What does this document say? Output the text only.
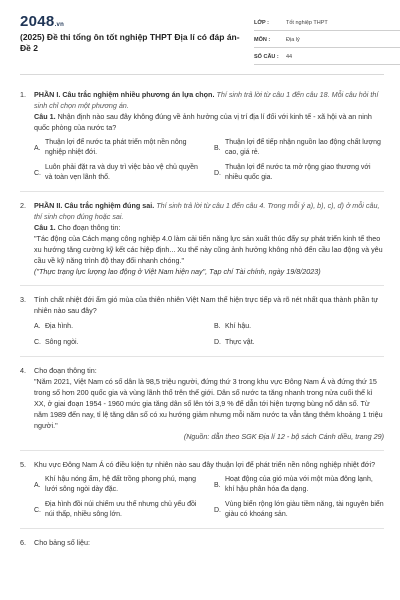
2048.vn
(2025) Đề thi tổng ôn tốt nghiệp THPT Địa lí có đáp án- Đề 2
LỚP :	Tốt nghiệp THPT
MÔN :	Địa lý
SỐ CÂU :	44
1. PHẦN I. Câu trắc nghiệm nhiều phương án lựa chọn. Thí sinh trả lời từ câu 1 đến câu 18. Mỗi câu hỏi thí sinh chỉ chọn một phương án.
Câu 1. Nhận định nào sau đây không đúng về ảnh hưởng của vị trí địa lí đối với kinh tế - xã hội và an ninh quốc phòng của nước ta?
A.
Thuận lợi để nước ta phát triển một nền nông nghiệp nhiệt đới.
B.
Thuận lợi để tiếp nhận nguồn lao động chất lượng cao, giá rẻ.
C.
Luôn phải đặt ra và duy trì việc bảo vệ chủ quyền và toàn vẹn lãnh thổ.
D.
Thuận lợi để nước ta mở rộng giao thương với nhiều quốc gia.
2. PHẦN II. Câu trắc nghiệm đúng sai. Thí sinh trả lời từ câu 1 đến câu 4. Trong mỗi ý a), b), c), d) ở mỗi câu, thí sinh chọn đúng hoặc sai.
Câu 1. Cho đoạn thông tin:
"Tác động của Cách mạng công nghiệp 4.0 làm cải tiến năng lực sản xuất thúc đẩy sự phát triển kinh tế theo xu hướng tăng cường kỹ kết các hiệp định... Xu thế này cũng ảnh hưởng không nhỏ đến cầu lao động và yêu cầu về kỹ năng trình độ thay đổi nhanh chóng."
("Thực trạng lực lượng lao động ở Việt Nam hiện nay", Tạp chí Tài chính, ngày 19/8/2023)
3. Tính chất nhiệt đới ẩm gió mùa của thiên nhiên Việt Nam thể hiện trực tiếp và rõ nét nhất qua thành phần tự nhiên nào sau đây?
A. Địa hình.	B. Khí hậu.
C. Sông ngòi.	D. Thực vật.
4. Cho đoạn thông tin:
"Năm 2021, Việt Nam có số dân là 98,5 triệu người, đứng thứ 3 trong khu vực Đông Nam Á và đứng thứ 15 trong số hơn 200 quốc gia và vùng lãnh thổ trên thế giới. Dân số nước ta tăng nhanh trong nửa cuối thế kỉ XX, ở giai đoạn 1954 - 1960 mức gia tăng dân số lên tới 3,9 % để dẫn tới hiện tượng bùng nổ dân số. Từ năm 1989 đến nay, tỉ lệ tăng dân số có xu hướng giảm nhưng mỗi năm nước ta vẫn tăng thêm khoảng 1 triệu người."
(Nguồn: dẫn theo SGK Địa lí 12 - bộ sách Cánh diều, trang 29)
5. Khu vực Đông Nam Á có điều kiện tự nhiên nào sau đây thuận lợi để phát triển nền nông nghiệp nhiệt đới?
A.
Khí hậu nóng ẩm, hệ đất trồng phong phú, mạng lưới sông ngòi dày đặc.
B.
Hoạt động của gió mùa với một mùa đông lạnh, khí hậu phân hóa đa dạng.
C.
Địa hình đồi núi chiếm ưu thế nhưng chủ yếu đồi núi thấp, nhiều sông lớn.
D.
Vùng biển rộng lớn giàu tiềm năng, tài nguyên biển giàu có khoáng sản.
6. Cho bảng số liệu:
